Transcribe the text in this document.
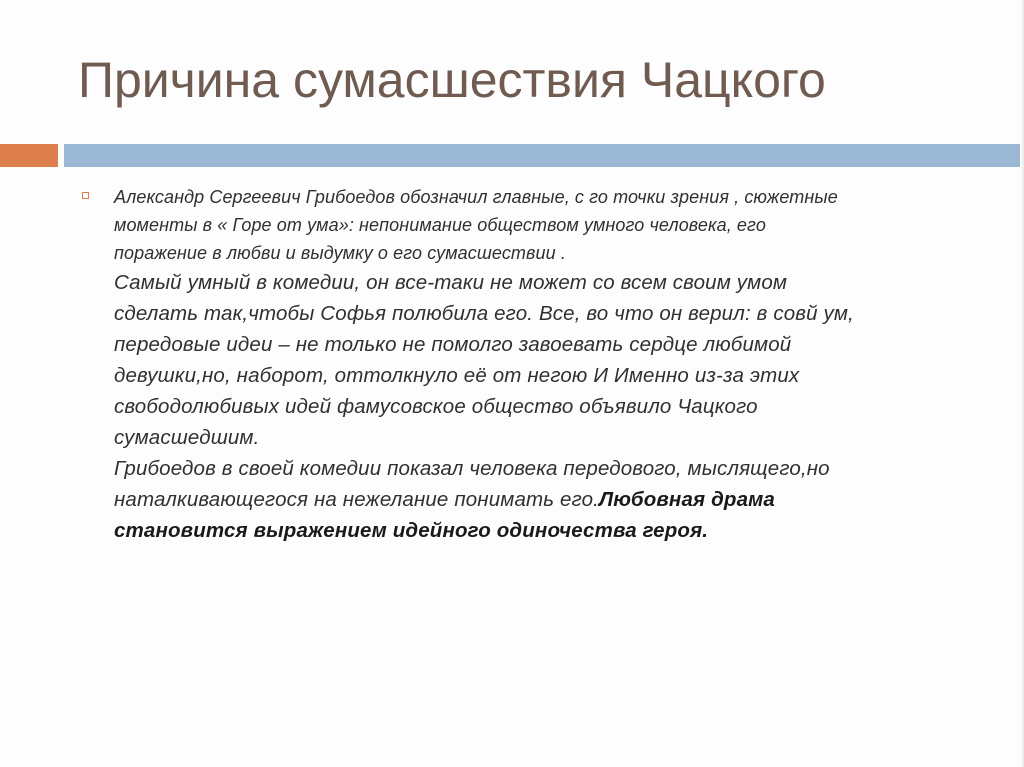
Причина сумасшествия Чацкого

Александр Сергеевич Грибоедов обозначил главные, с го точки зрения , сюжетные
моменты в « Горе от ума»: непонимание обществом умного человека, его
поражение в любви и выдумку о его сумасшествии .

Самый умный в комедии, он все-таки не может со всем своим умом
сделать так,чтобы Софья полюбила его. Все, во что он верил: в совй ум,
передовые идеи – не только не помолго завоевать сердце любимой
девушки,но, наборот, оттолкнуло её от негою И Именно из-за этих
свободолюбивых идей фамусовское общество объявило Чацкого
сумасшедшим.

Грибоедов в своей комедии показал человека передового, мыслящего,но
наталкивающегося на нежелание понимать его.Любовная драма
становится выражением идейного одиночества героя.
